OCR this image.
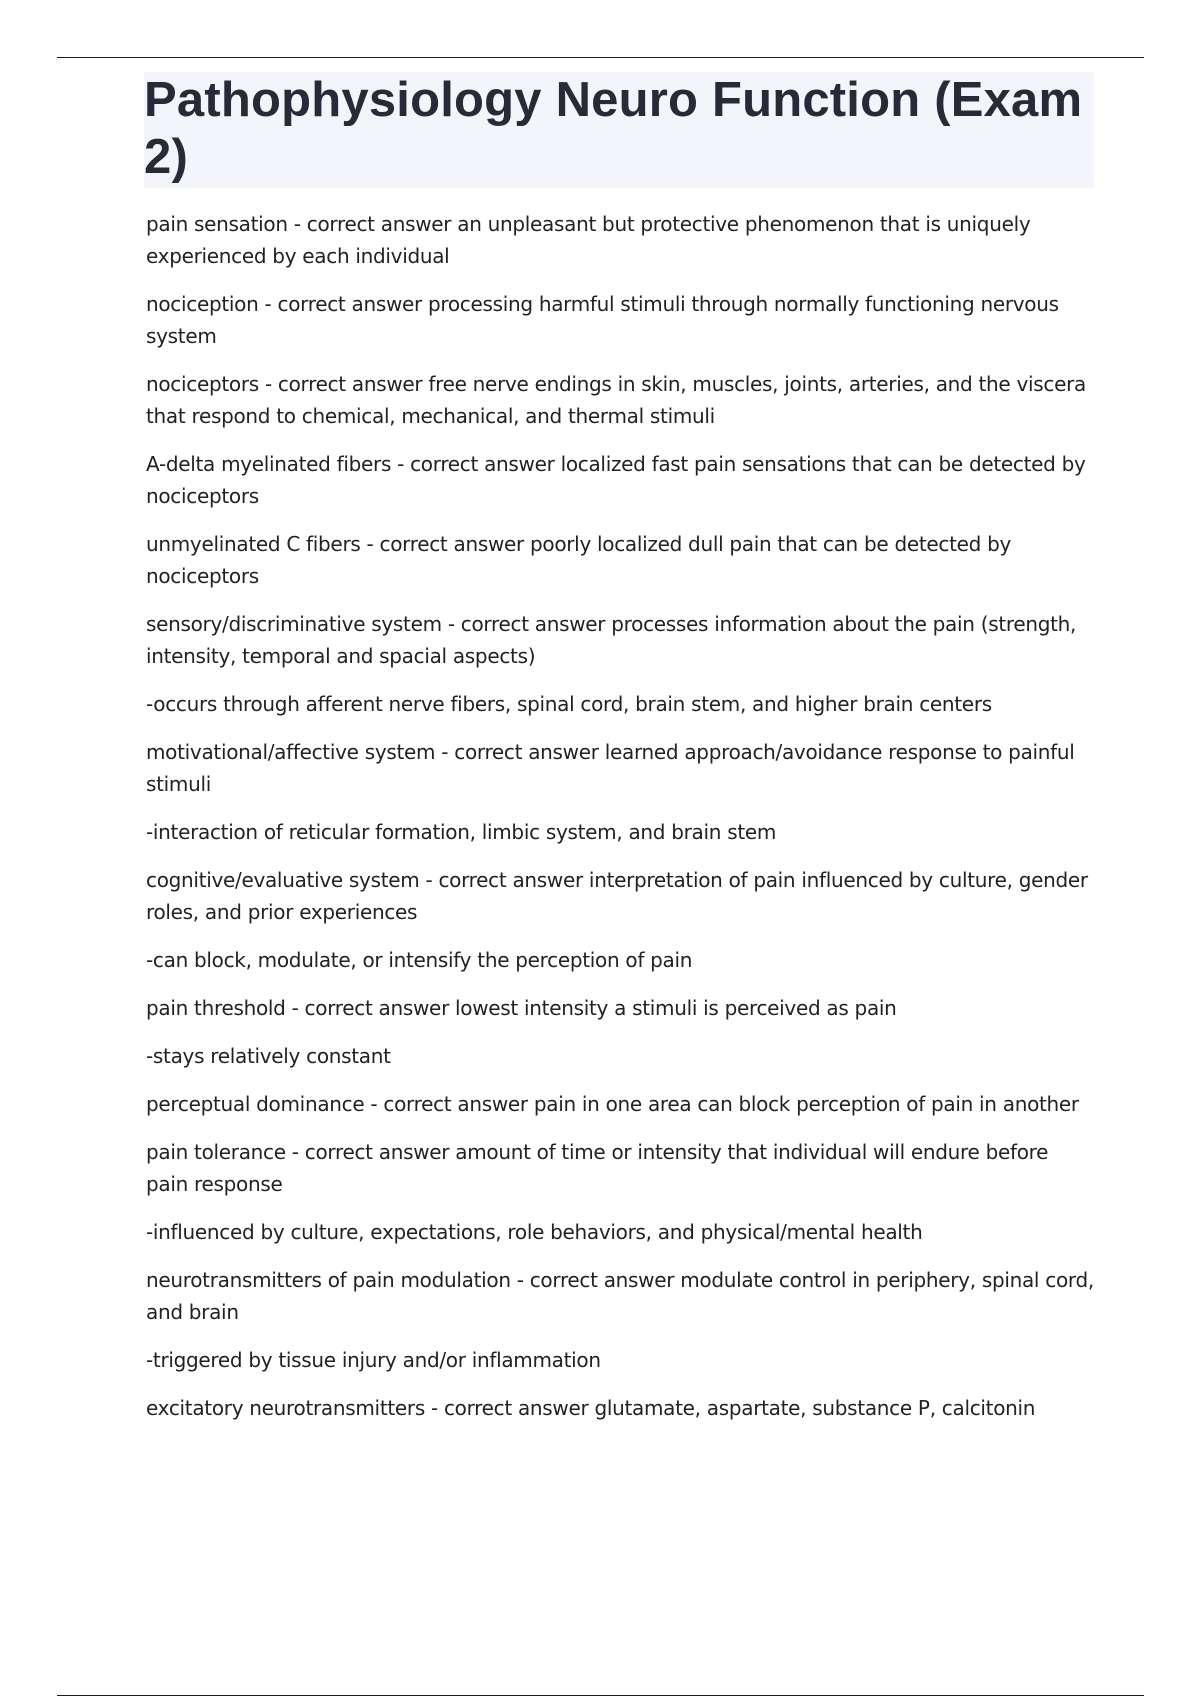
Pathophysiology Neuro Function (Exam 2)

pain sensation - correct answer an unpleasant but protective phenomenon that is uniquely experienced by each individual

nociception - correct answer processing harmful stimuli through normally functioning nervous system

nociceptors - correct answer free nerve endings in skin, muscles, joints, arteries, and the viscera that respond to chemical, mechanical, and thermal stimuli

A-delta myelinated fibers - correct answer localized fast pain sensations that can be detected by nociceptors

unmyelinated C fibers - correct answer poorly localized dull pain that can be detected by nociceptors

sensory/discriminative system - correct answer processes information about the pain (strength, intensity, temporal and spacial aspects)

-occurs through afferent nerve fibers, spinal cord, brain stem, and higher brain centers

motivational/affective system - correct answer learned approach/avoidance response to painful stimuli

-interaction of reticular formation, limbic system, and brain stem

cognitive/evaluative system - correct answer interpretation of pain influenced by culture, gender roles, and prior experiences

-can block, modulate, or intensify the perception of pain

pain threshold - correct answer lowest intensity a stimuli is perceived as pain

-stays relatively constant

perceptual dominance - correct answer pain in one area can block perception of pain in another

pain tolerance - correct answer amount of time or intensity that individual will endure before pain response

-influenced by culture, expectations, role behaviors, and physical/mental health

neurotransmitters of pain modulation - correct answer modulate control in periphery, spinal cord, and brain

-triggered by tissue injury and/or inflammation

excitatory neurotransmitters - correct answer glutamate, aspartate, substance P, calcitonin
